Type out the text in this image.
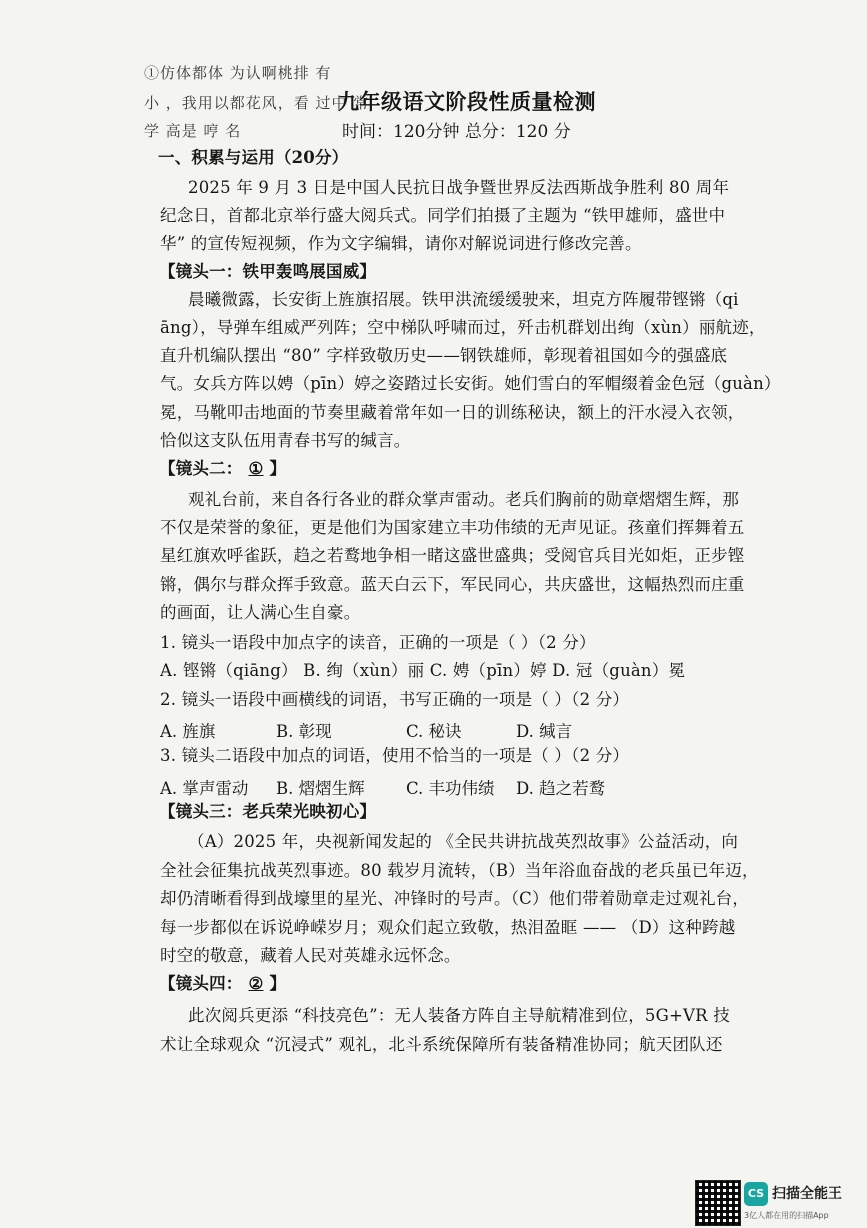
①仿体都体 为认啊桃排 有
小 ，我用以都花风，看 过中 常
学 高是 哼 名
九年级语文阶段性质量检测
时间：120分钟 总分：120 分
一、积累与运用（20分）
2025 年 9 月 3 日是中国人民抗日战争暨世界反法西斯战争胜利 80 周年
纪念日，首都北京举行盛大阅兵式。同学们拍摄了主题为 “铁甲雄师，盛世中
华” 的宣传短视频，作为文字编辑，请你对解说词进行修改完善。
【镜头一：铁甲轰鸣展国威】
晨曦微露，长安街上旌旗招展。铁甲洪流缓缓驶来，坦克方阵履带铿锵（qi
āng），导弹车组威严列阵；空中梯队呼啸而过，歼击机群划出绚（xùn）丽航迹，
直升机编队摆出 “80” 字样致敬历史——钢铁雄师，彰现着祖国如今的强盛底
气。女兵方阵以娉（pīn）婷之姿踏过长安街。她们雪白的军帽缀着金色冠（guàn）
冕，马靴叩击地面的节奏里藏着常年如一日的训练秘诀，额上的汗水浸入衣领，
恰似这支队伍用青春书写的缄言。
【镜头二： ① 】
观礼台前，来自各行各业的群众掌声雷动。老兵们胸前的勋章熠熠生辉，那
不仅是荣誉的象征，更是他们为国家建立丰功伟绩的无声见证。孩童们挥舞着五
星红旗欢呼雀跃，趋之若鹜地争相一睹这盛世盛典；受阅官兵目光如炬，正步铿
锵，偶尔与群众挥手致意。蓝天白云下，军民同心，共庆盛世，这幅热烈而庄重
的画面，让人满心生自豪。
1. 镜头一语段中加点字的读音，正确的一项是（ ）（2 分）
A. 铿锵（qiāng） B. 绚（xùn）丽 C. 娉（pīn）婷 D. 冠（guàn）冕
2. 镜头一语段中画横线的词语，书写正确的一项是（ ）（2 分）
A. 旌旗	B. 彰现	C. 秘诀	D. 缄言
3. 镜头二语段中加点的词语，使用不恰当的一项是（ ）（2 分）
A. 掌声雷动 B. 熠熠生辉	C. 丰功伟绩 D. 趋之若鹜
【镜头三：老兵荣光映初心】
（A）2025 年，央视新闻发起的 《全民共讲抗战英烈故事》公益活动，向
全社会征集抗战英烈事迹。80 载岁月流转，（B）当年浴血奋战的老兵虽已年迈，
却仍清晰看得到战壕里的星光、冲锋时的号声。（C）他们带着勋章走过观礼台，
每一步都似在诉说峥嵘岁月；观众们起立致敬，热泪盈眶 —— （D）这种跨越
时空的敬意，藏着人民对英雄永远怀念。
【镜头四： ② 】
此次阅兵更添 “科技亮色”：无人装备方阵自主导航精准到位，5G+VR 技
术让全球观众 “沉浸式” 观礼，北斗系统保障所有装备精准协同；航天团队还
CS 扫描全能王
3亿人都在用的扫描App
